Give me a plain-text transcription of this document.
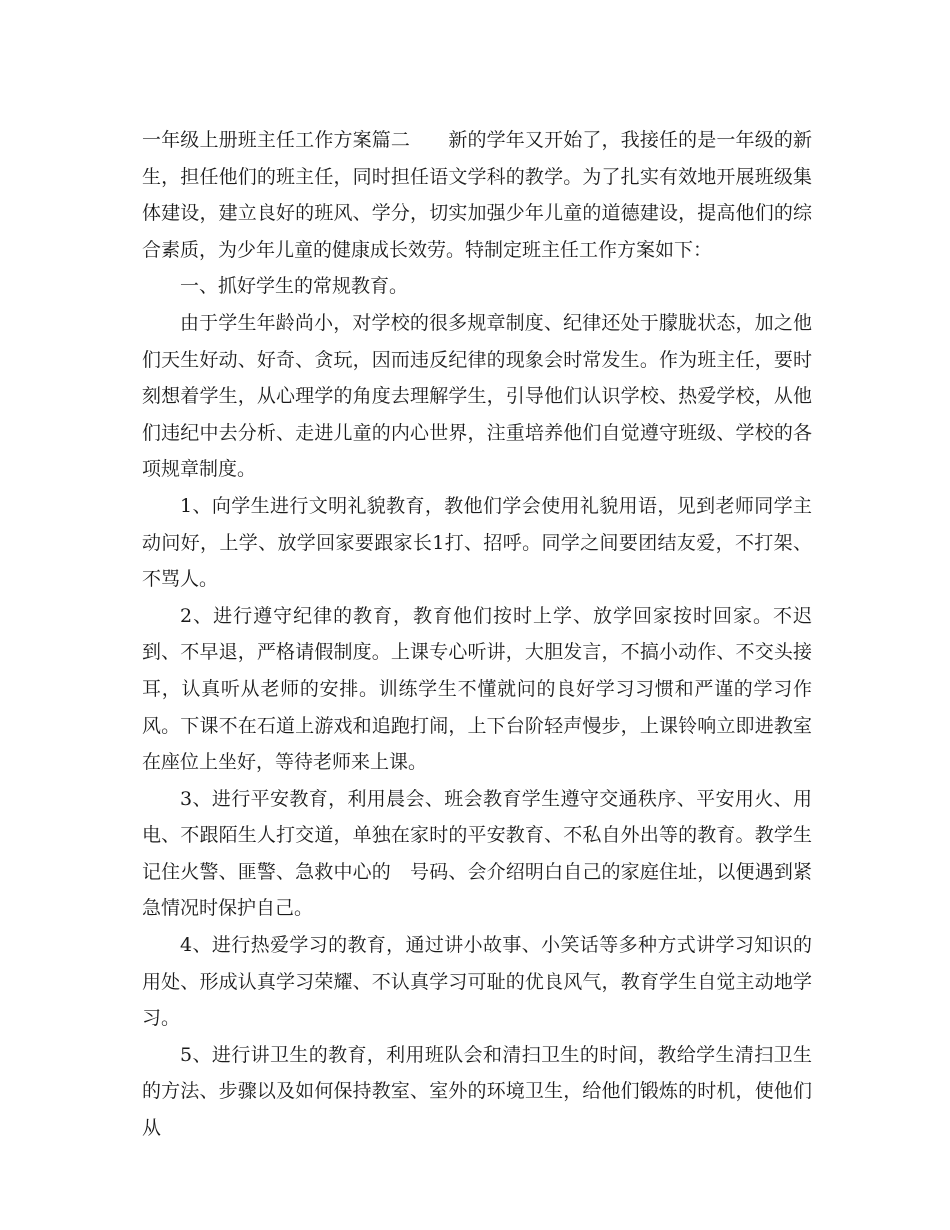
一年级上册班主任工作方案篇二　　新的学年又开始了，我接任的是一年级的新生，担任他们的班主任，同时担任语文学科的教学。为了扎实有效地开展班级集体建设，建立良好的班风、学分，切实加强少年儿童的道德建设，提高他们的综合素质，为少年儿童的健康成长效劳。特制定班主任工作方案如下：

一、抓好学生的常规教育。

由于学生年龄尚小，对学校的很多规章制度、纪律还处于朦胧状态，加之他们天生好动、好奇、贪玩，因而违反纪律的现象会时常发生。作为班主任，要时刻想着学生，从心理学的角度去理解学生，引导他们认识学校、热爱学校，从他们违纪中去分析、走进儿童的内心世界，注重培养他们自觉遵守班级、学校的各项规章制度。

1、向学生进行文明礼貌教育，教他们学会使用礼貌用语，见到老师同学主动问好，上学、放学回家要跟家长1打、招呼。同学之间要团结友爱，不打架、不骂人。

2、进行遵守纪律的教育，教育他们按时上学、放学回家按时回家。不迟到、不早退，严格请假制度。上课专心听讲，大胆发言，不搞小动作、不交头接耳，认真听从老师的安排。训练学生不懂就问的良好学习习惯和严谨的学习作风。下课不在石道上游戏和追跑打闹，上下台阶轻声慢步，上课铃响立即进教室在座位上坐好，等待老师来上课。

3、进行平安教育，利用晨会、班会教育学生遵守交通秩序、平安用火、用电、不跟陌生人打交道，单独在家时的平安教育、不私自外出等的教育。教学生记住火警、匪警、急救中心的　号码、会介绍明白自己的家庭住址，以便遇到紧急情况时保护自己。

4、进行热爱学习的教育，通过讲小故事、小笑话等多种方式讲学习知识的用处、形成认真学习荣耀、不认真学习可耻的优良风气，教育学生自觉主动地学习。

5、进行讲卫生的教育，利用班队会和清扫卫生的时间，教给学生清扫卫生的方法、步骤以及如何保持教室、室外的环境卫生，给他们锻炼的时机，使他们从
